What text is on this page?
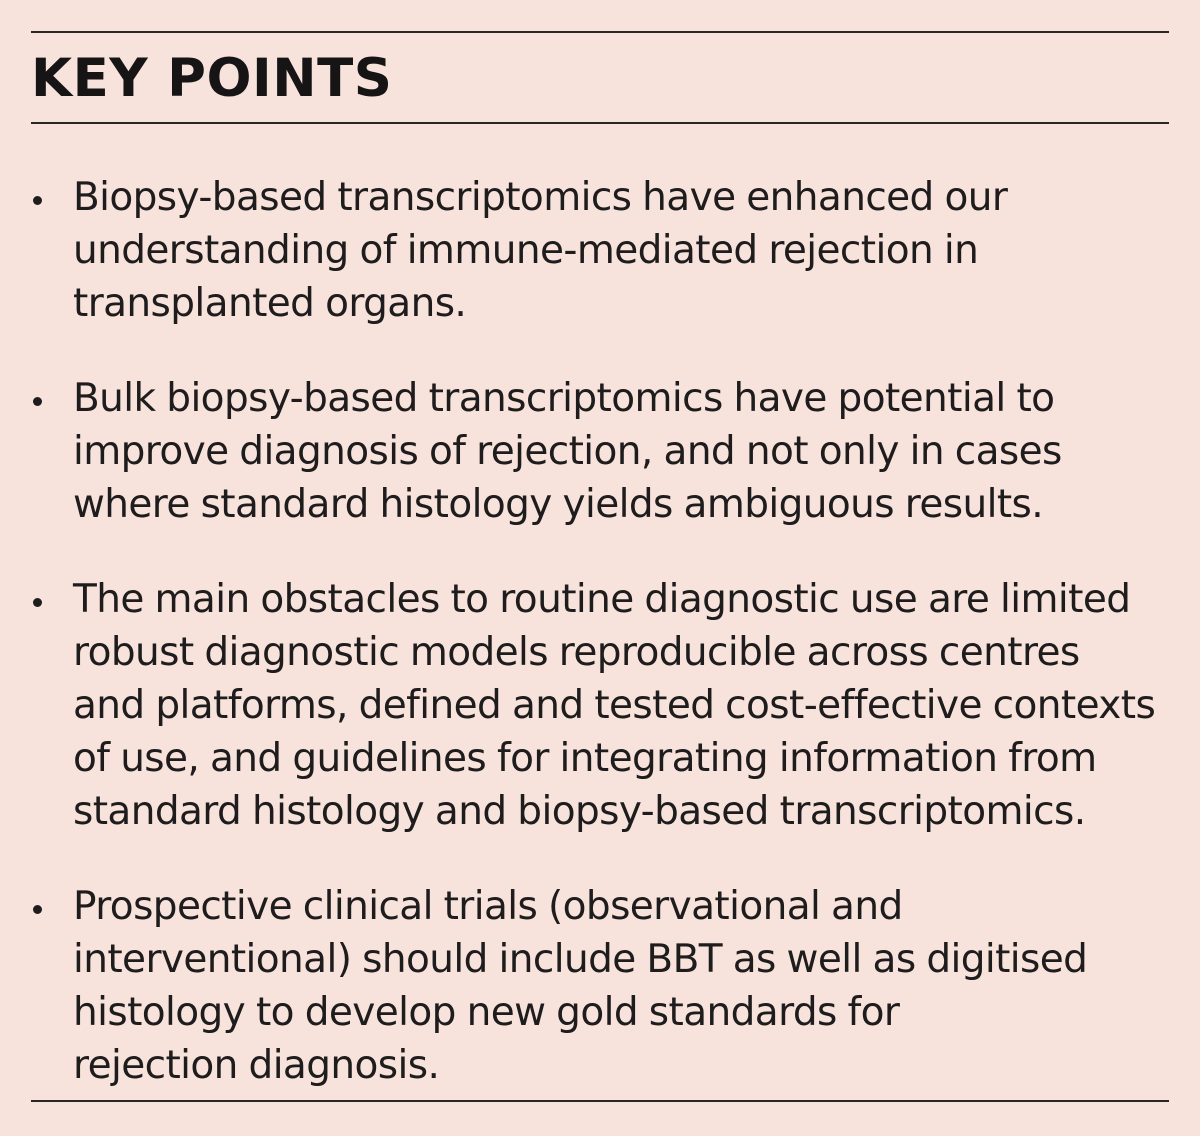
KEY POINTS
Biopsy-based transcriptomics have enhanced our
understanding of immune-mediated rejection in
transplanted organs.
Bulk biopsy-based transcriptomics have potential to
improve diagnosis of rejection, and not only in cases
where standard histology yields ambiguous results.
The main obstacles to routine diagnostic use are limited
robust diagnostic models reproducible across centres
and platforms, defined and tested cost-effective contexts
of use, and guidelines for integrating information from
standard histology and biopsy-based transcriptomics.
Prospective clinical trials (observational and
interventional) should include BBT as well as digitised
histology to develop new gold standards for
rejection diagnosis.
